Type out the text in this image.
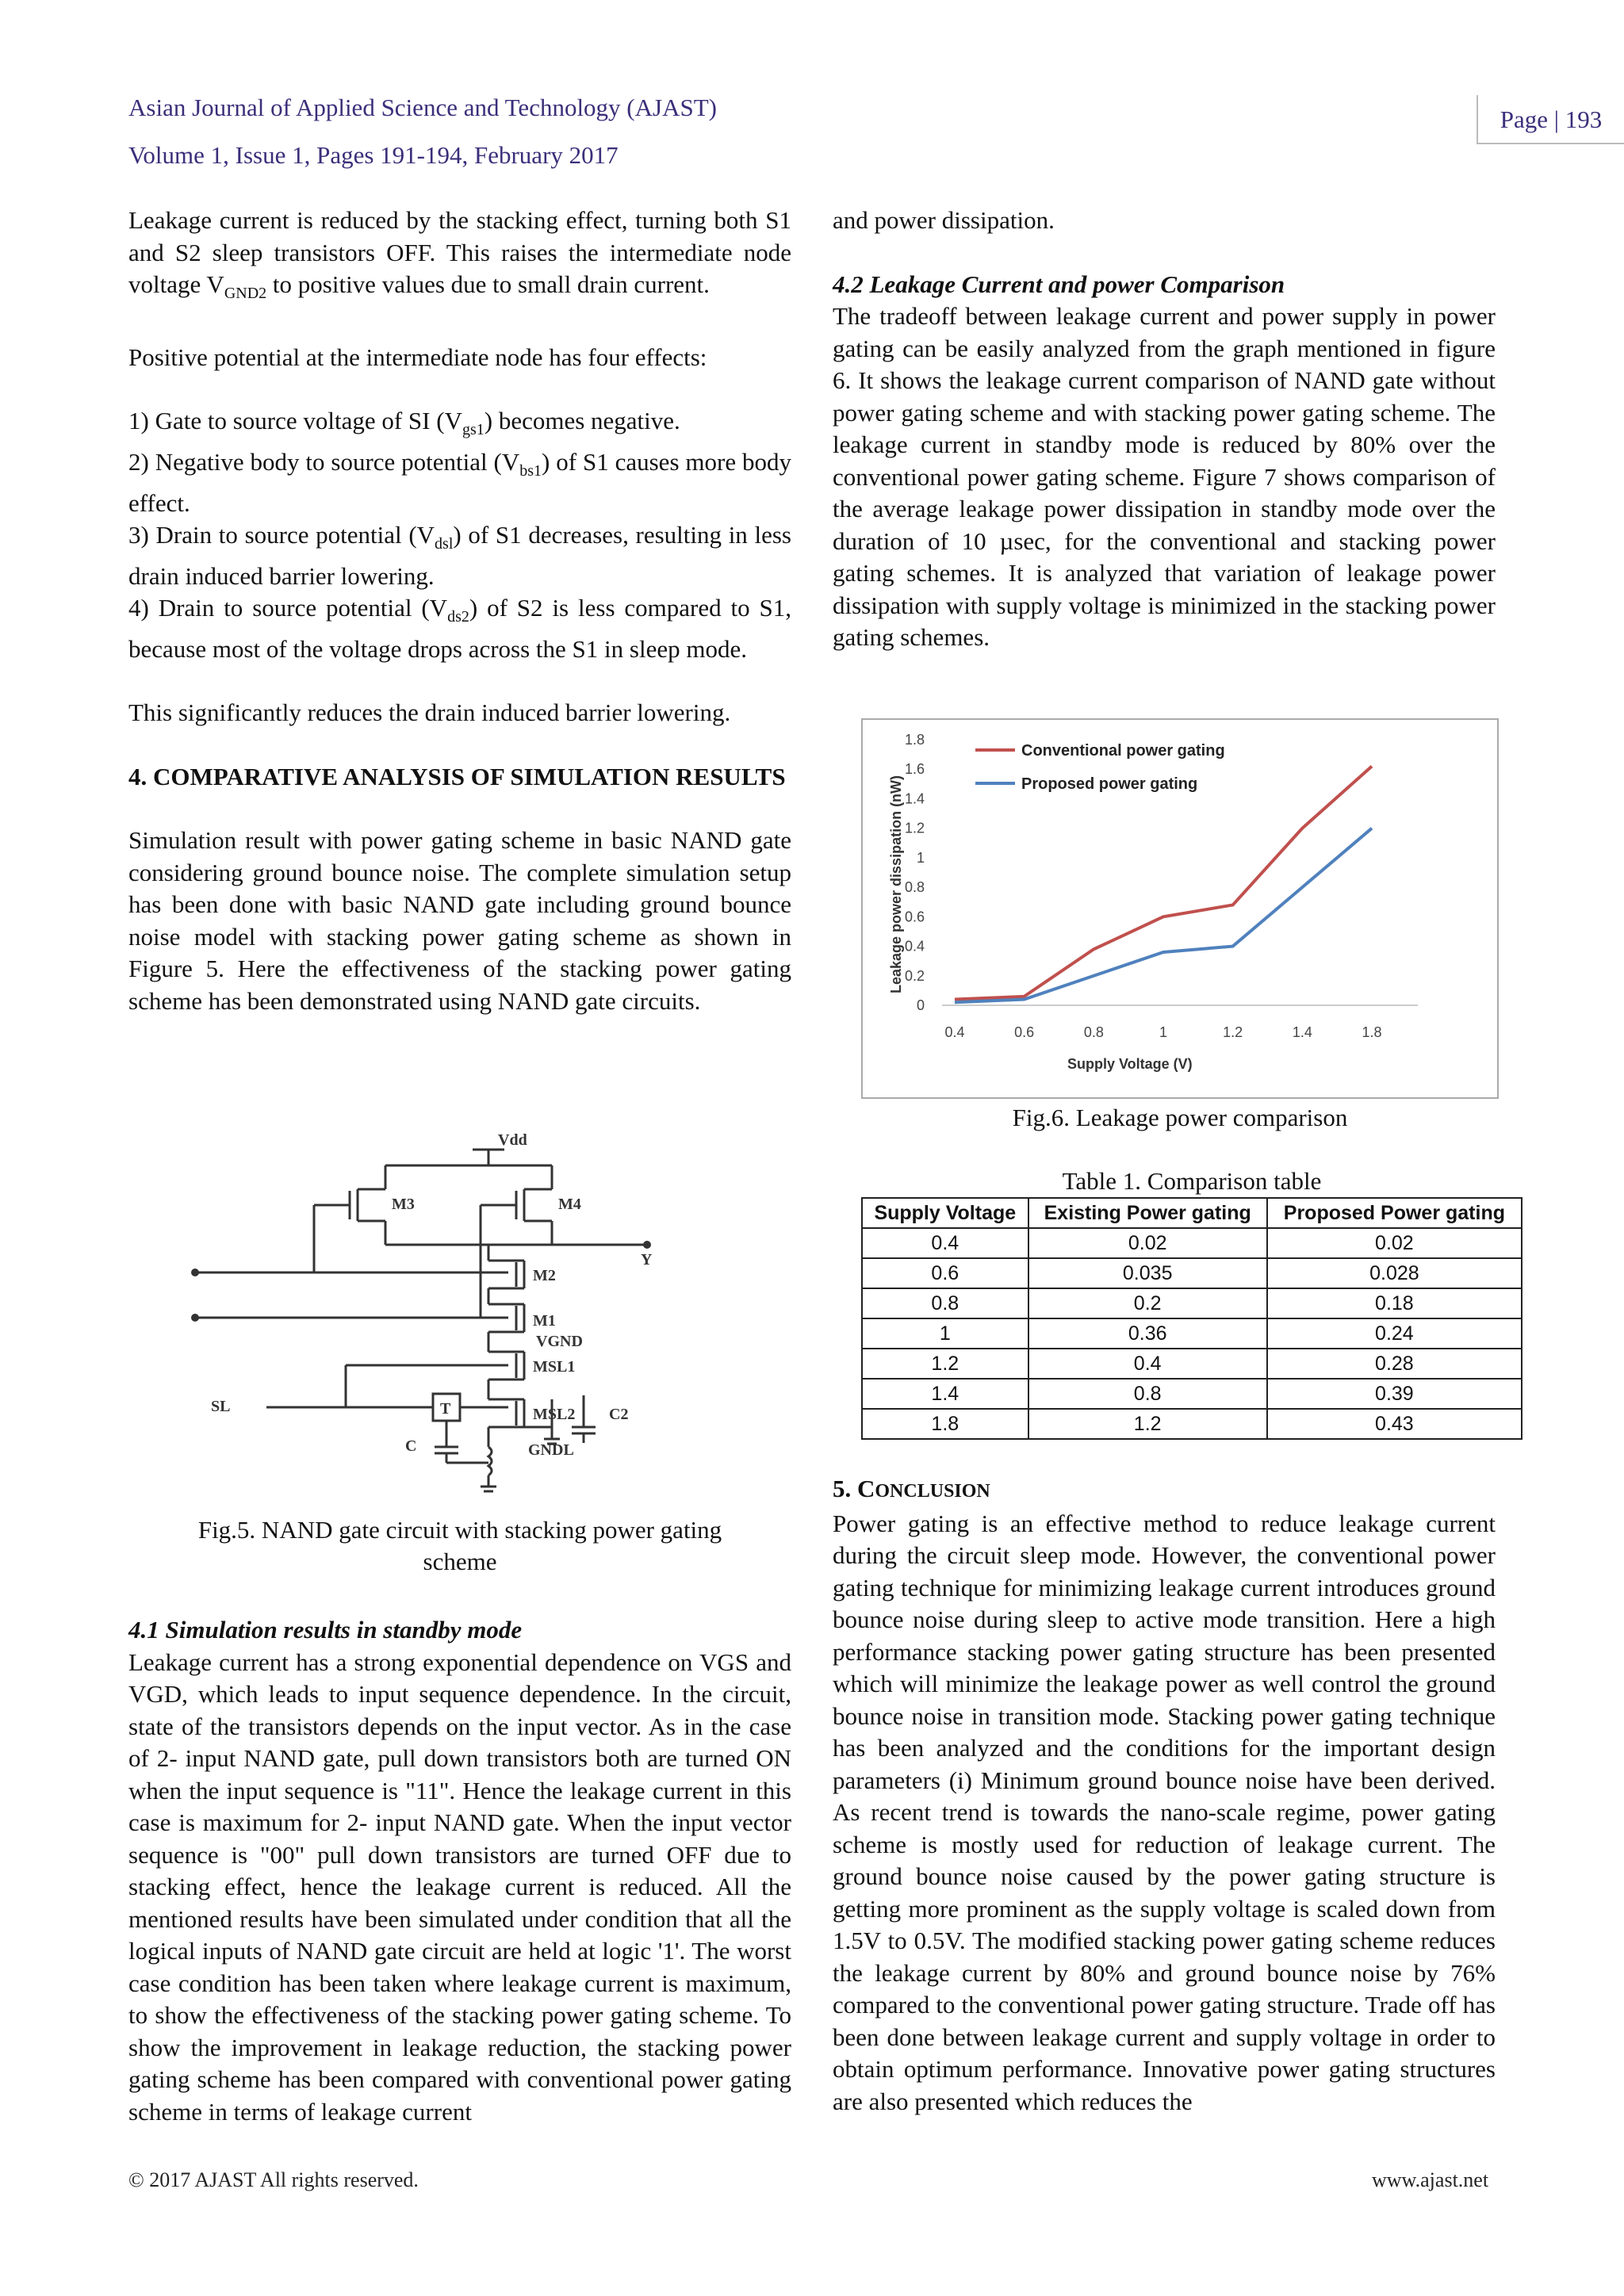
Asian Journal of Applied Science and Technology (AJAST)
Volume 1, Issue 1, Pages 191-194, February 2017
Page | 193

Leakage current is reduced by the stacking effect, turning both S1 and S2 sleep transistors OFF. This raises the intermediate node voltage $V_{GND2}$ to positive values due to small drain current.

Positive potential at the intermediate node has four effects:

1) Gate to source voltage of SI $(V_{gs1})$ becomes negative.

2) Negative body to source potential $(V_{bs1})$ of S1 causes more body effect.

3) Drain to source potential $(V_{dsl})$ of S1 decreases, resulting in less drain induced barrier lowering.

4) Drain to source potential $(V_{ds2})$ of S2 is less compared to S1, because most of the voltage drops across the S1 in sleep mode.

This significantly reduces the drain induced barrier lowering.

4. COMPARATIVE ANALYSIS OF SIMULATION RESULTS

Simulation result with power gating scheme in basic NAND gate considering ground bounce noise. The complete simulation setup has been done with basic NAND gate including ground bounce noise model with stacking power gating scheme as shown in Figure 5. Here the effectiveness of the stacking power gating scheme has been demonstrated using NAND gate circuits.

Vdd
M3	M4
Y
M2
M1
VGND
MSL1
MSL2
SL	T	C2
C	GNDL
Fig.5. NAND gate circuit with stacking power gating scheme

4.1 Simulation results in standby mode

Leakage current has a strong exponential dependence on VGS and VGD, which leads to input sequence dependence. In the circuit, state of the transistors depends on the input vector. As in the case of 2- input NAND gate, pull down transistors both are turned ON when the input sequence is "11". Hence the leakage current in this case is maximum for 2- input NAND gate. When the input vector sequence is "00" pull down transistors are turned OFF due to stacking effect, hence the leakage current is reduced. All the mentioned results have been simulated under condition that all the logical inputs of NAND gate circuit are held at logic '1'. The worst case condition has been taken where leakage current is maximum, to show the effectiveness of the stacking power gating scheme. To show the improvement in leakage reduction, the stacking power gating scheme has been compared with conventional power gating scheme in terms of leakage current

and power dissipation.

4.2 Leakage Current and power Comparison

The tradeoff between leakage current and power supply in power gating can be easily analyzed from the graph mentioned in figure 6. It shows the leakage current comparison of NAND gate without power gating scheme and with stacking power gating scheme. The leakage current in standby mode is reduced by 80% over the conventional power gating scheme. Figure 7 shows comparison of the average leakage power dissipation in standby mode over the duration of 10 µsec, for the conventional and stacking power gating schemes. It is analyzed that variation of leakage power dissipation with supply voltage is minimized in the stacking power gating schemes.

0
0.2
0.4
0.6
0.8
1
1.2
1.4
1.6
1.8
0.4	0.6	0.8	1	1.2	1.4	1.8
Supply Voltage (V)
Leakage power dissipation (nW)
Conventional power gating
Proposed power gating
Fig.6. Leakage power comparison
Table 1. Comparison table
Supply Voltage	Existing Power gating	Proposed Power gating
0.4	0.02	0.02
0.6	0.035	0.028
0.8	0.2	0.18
1	0.36	0.24
1.2	0.4	0.28
1.4	0.8	0.39
1.8	1.2	0.43

5. CONCLUSION

Power gating is an effective method to reduce leakage current during the circuit sleep mode. However, the conventional power gating technique for minimizing leakage current introduces ground bounce noise during sleep to active mode transition. Here a high performance stacking power gating structure has been presented which will minimize the leakage power as well control the ground bounce noise in transition mode. Stacking power gating technique has been analyzed and the conditions for the important design parameters (i) Minimum ground bounce noise have been derived. As recent trend is towards the nano-scale regime, power gating scheme is mostly used for reduction of leakage current. The ground bounce noise caused by the power gating structure is getting more prominent as the supply voltage is scaled down from 1.5V to 0.5V. The modified stacking power gating scheme reduces the leakage current by 80% and ground bounce noise by 76% compared to the conventional power gating structure. Trade off has been done between leakage current and supply voltage in order to obtain optimum performance. Innovative power gating structures are also presented which reduces the

© 2017 AJAST All rights reserved.	www.ajast.net
